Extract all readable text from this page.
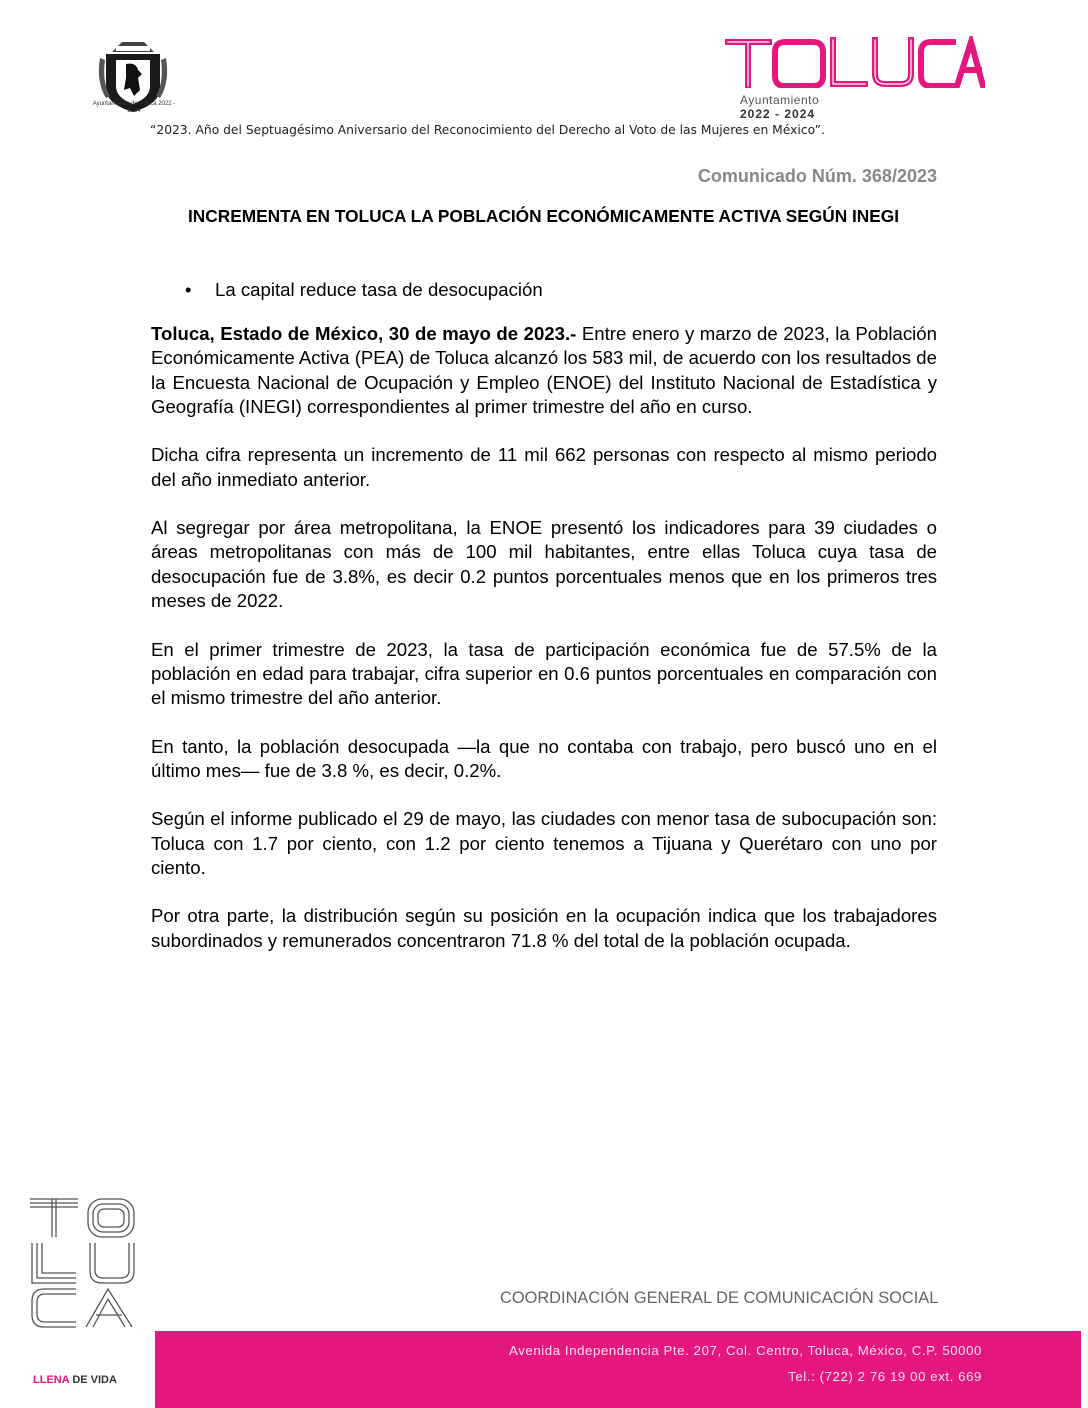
Ayuntamiento de Toluca 2022 - 2024
Ayuntamiento
2022 - 2024
“2023. Año del Septuagésimo Aniversario del Reconocimiento del Derecho al Voto de las Mujeres en México”.
Comunicado Núm. 368/2023
INCREMENTA EN TOLUCA LA POBLACIÓN ECONÓMICAMENTE ACTIVA SEGÚN INEGI
• La capital reduce tasa de desocupación

Toluca, Estado de México, 30 de mayo de 2023.- Entre enero y marzo de 2023, la Población Económicamente Activa (PEA) de Toluca alcanzó los 583 mil, de acuerdo con los resultados de la Encuesta Nacional de Ocupación y Empleo (ENOE) del Instituto Nacional de Estadística y Geografía (INEGI) correspondientes al primer trimestre del año en curso.

Dicha cifra representa un incremento de 11 mil 662 personas con respecto al mismo periodo del año inmediato anterior.

Al segregar por área metropolitana, la ENOE presentó los indicadores para 39 ciudades o áreas metropolitanas con más de 100 mil habitantes, entre ellas Toluca cuya tasa de desocupación fue de 3.8%, es decir 0.2 puntos porcentuales menos que en los primeros tres meses de 2022.

En el primer trimestre de 2023, la tasa de participación económica fue de 57.5% de la población en edad para trabajar, cifra superior en 0.6 puntos porcentuales en comparación con el mismo trimestre del año anterior.

En tanto, la población desocupada —la que no contaba con trabajo, pero buscó uno en el último mes— fue de 3.8 %, es decir, 0.2%.

Según el informe publicado el 29 de mayo, las ciudades con menor tasa de subocupación son: Toluca con 1.7 por ciento, con 1.2 por ciento tenemos a Tijuana y Querétaro con uno por ciento.

Por otra parte, la distribución según su posición en la ocupación indica que los trabajadores subordinados y remunerados concentraron 71.8 % del total de la población ocupada.

LLENA DE VIDA
COORDINACIÓN GENERAL DE COMUNICACIÓN SOCIAL
Avenida Independencia Pte. 207, Col. Centro, Toluca, México, C.P. 50000
Tel.: (722) 2 76 19 00 ext. 669
